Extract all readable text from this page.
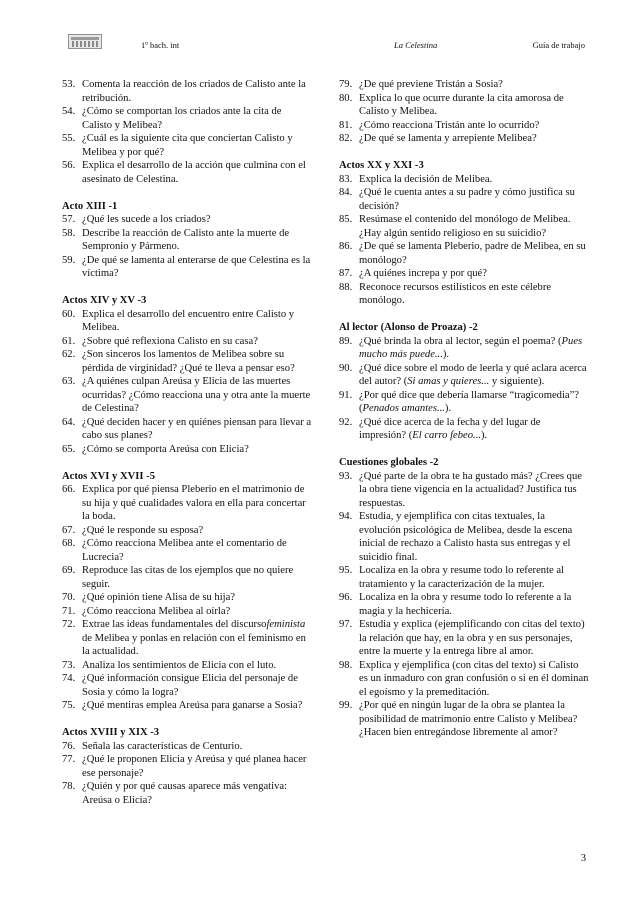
1º bach. int	La Celestina	Guía de trabajo
53. Comenta la reacción de los criados de Calisto ante la retribución.
54. ¿Cómo se comportan los criados ante la cita de Calisto y Melibea?
55. ¿Cuál es la siguiente cita que conciertan Calisto y Melibea y por qué?
56. Explica el desarrollo de la acción que culmina con el asesinato de Celestina.
Acto XIII -1
57. ¿Qué les sucede a los criados?
58. Describe la reacción de Calisto ante la muerte de Sempronio y Pármeno.
59. ¿De qué se lamenta al enterarse de que Celestina es la víctima?
Actos XIV y XV -3
60. Explica el desarrollo del encuentro entre Calisto y Melibea.
61. ¿Sobre qué reflexiona Calisto en su casa?
62. ¿Son sinceros los lamentos de Melibea sobre su pérdida de virginidad? ¿Qué te lleva a pensar eso?
63. ¿A quiénes culpan Areúsa y Elicia de las muertes ocurridas? ¿Cómo reacciona una y otra ante la muerte de Celestina?
64. ¿Qué deciden hacer y en quiénes piensan para llevar a cabo sus planes?
65. ¿Cómo se comporta Areúsa con Elicia?
Actos XVI y XVII -5
66. Explica por qué piensa Pleberio en el matrimonio de su hija y qué cualidades valora en ella para concertar la boda.
67. ¿Qué le responde su esposa?
68. ¿Cómo reacciona Melibea ante el comentario de Lucrecia?
69. Reproduce las citas de los ejemplos que no quiere seguir.
70. ¿Qué opinión tiene Alisa de su hija?
71. ¿Cómo reacciona Melibea al oírla?
72. Extrae las ideas fundamentales del discursofeminista de Melibea y ponlas en relación con el feminismo en la actualidad.
73. Analiza los sentimientos de Elicia con el luto.
74. ¿Qué información consigue Elicia del personaje de Sosia y cómo la logra?
75. ¿Qué mentiras emplea Areúsa para ganarse a Sosia?
Actos XVIII y XIX -3
76. Señala las características de Centurio.
77. ¿Qué le proponen Elicia y Areúsa y qué planea hacer ese personaje?
78. ¿Quién y por qué causas aparece más vengativa: Areúsa o Elicia?
79. ¿De qué previene Tristán a Sosia?
80. Explica lo que ocurre durante la cita amorosa de Calisto y Melibea.
81. ¿Cómo reacciona Tristán ante lo ocurrido?
82. ¿De qué se lamenta y arrepiente Melibea?
Actos XX y XXI -3
83. Explica la decisión de Melibea.
84. ¿Qué le cuenta antes a su padre y cómo justifica su decisión?
85. Resúmase el contenido del monólogo de Melibea. ¿Hay algún sentido religioso en su suicidio?
86. ¿De qué se lamenta Pleberio, padre de Melibea, en su monólogo?
87. ¿A quiénes increpa y por qué?
88. Reconoce recursos estilísticos en este célebre monólogo.
Al lector (Alonso de Proaza) -2
89. ¿Qué brinda la obra al lector, según el poema? (Pues mucho más puede...).
90. ¿Qué dice sobre el modo de leerla y qué aclara acerca del autor? (Si amas y quieres... y siguiente).
91. ¿Por qué dice que debería llamarse “tragicomedia”? (Penados amantes...).
92. ¿Qué dice acerca de la fecha y del lugar de impresión? (El carro febeo...).
Cuestiones globales -2
93. ¿Qué parte de la obra te ha gustado más? ¿Crees que la obra tiene vigencia en la actualidad? Justifica tus respuestas.
94. Estudia, y ejemplifica con citas textuales, la evolución psicológica de Melibea, desde la escena inicial de rechazo a Calisto hasta sus entregas y el suicidio final.
95. Localiza en la obra y resume todo lo referente al tratamiento y la caracterización de la mujer.
96. Localiza en la obra y resume todo lo referente a la magia y la hechicería.
97. Estudia y explica (ejemplificando con citas del texto) la relación que hay, en la obra y en sus personajes, entre la muerte y la entrega libre al amor.
98. Explica y ejemplifica (con citas del texto) si Calisto es un inmaduro con gran confusión o si en él dominan el egoísmo y la premeditación.
99. ¿Por qué en ningún lugar de la obra se plantea la posibilidad de matrimonio entre Calisto y Melibea? ¿Hacen bien entregándose libremente al amor?
3
